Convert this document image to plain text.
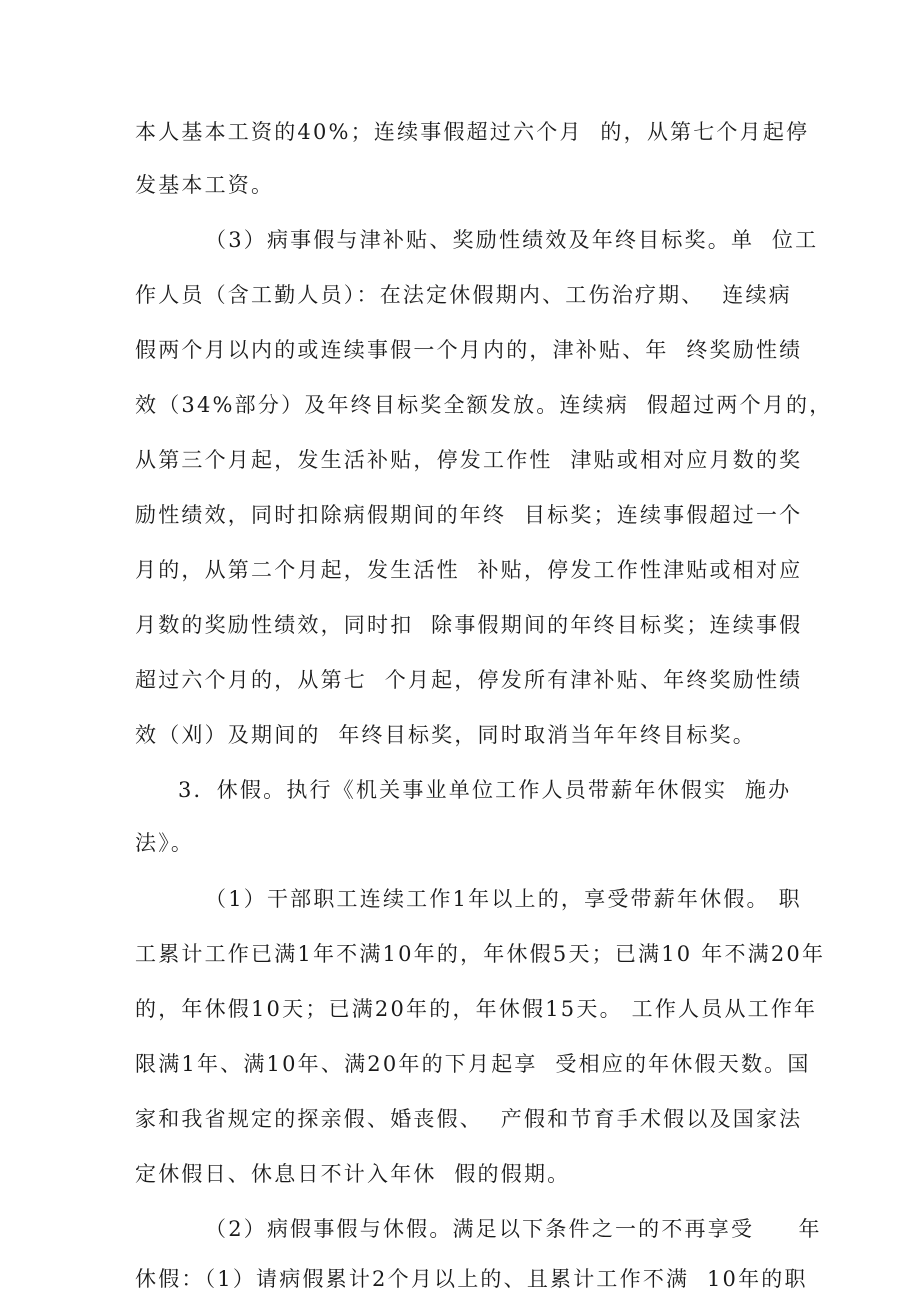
本人基本工资的40%；连续事假超过六个月  的，从第七个月起停
发基本工资。
（3）病事假与津补贴、奖励性绩效及年终目标奖。单  位工
作人员（含工勤人员）：在法定休假期内、工伤治疗期、  连续病
假两个月以内的或连续事假一个月内的，津补贴、年  终奖励性绩
效（34%部分）及年终目标奖全额发放。连续病  假超过两个月的，
从第三个月起，发生活补贴，停发工作性  津贴或相对应月数的奖
励性绩效，同时扣除病假期间的年终  目标奖；连续事假超过一个
月的，从第二个月起，发生活性  补贴，停发工作性津贴或相对应
月数的奖励性绩效，同时扣  除事假期间的年终目标奖；连续事假
超过六个月的，从第七  个月起，停发所有津补贴、年终奖励性绩
效（刈）及期间的  年终目标奖，同时取消当年年终目标奖。
3．休假。执行《机关事业单位工作人员带薪年休假实  施办
法》。
（1）干部职工连续工作1年以上的，享受带薪年休假。 职
工累计工作已满1年不满10年的，年休假5天；已满10 年不满20年
的，年休假10天；已满20年的，年休假15天。 工作人员从工作年
限满1年、满10年、满20年的下月起享  受相应的年休假天数。国
家和我省规定的探亲假、婚丧假、  产假和节育手术假以及国家法
定休假日、休息日不计入年休  假的假期。
（2）病假事假与休假。满足以下条件之一的不再享受     年
休假：（1）请病假累计2个月以上的、且累计工作不满  10年的职
